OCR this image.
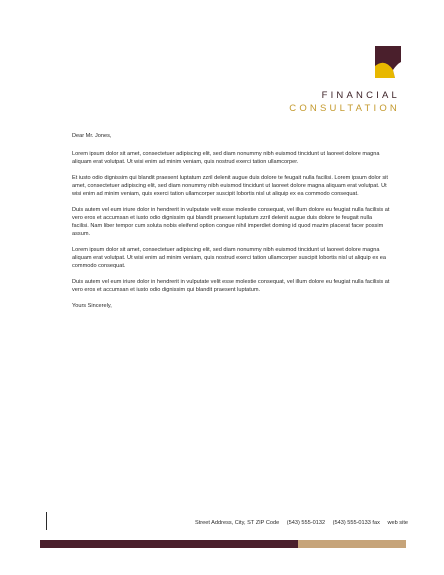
FINANCIAL
CONSULTATION

Dear Mr. Jones,

Lorem ipsum dolor sit amet, consectetuer adipiscing elit, sed diam nonummy nibh euismod tincidunt ut laoreet dolore magna aliquam erat volutpat. Ut wisi enim ad minim veniam, quis nostrud exerci tation ullamcorper.

Et iusto odio dignissim qui blandit praesent luptatum zzril delenit augue duis dolore te feugait nulla facilisi. Lorem ipsum dolor sit amet, consectetuer adipiscing elit, sed diam nonummy nibh euismod tincidunt ut laoreet dolore magna aliquam erat volutpat. Ut wisi enim ad minim veniam, quis exerci tation ullamcorper suscipit lobortis nisl ut aliquip ex ea commodo consequat.

Duis autem vel eum iriure dolor in hendrerit in vulputate velit esse molestie consequat, vel illum dolore eu feugiat nulla facilisis at vero eros et accumsan et iusto odio dignissim qui blandit praesent luptatum zzril delenit augue duis dolore te feugait nulla facilisi. Nam liber tempor cum soluta nobis eleifend option congue nihil imperdiet doming id quod mazim placerat facer possim assum.

Lorem ipsum dolor sit amet, consectetuer adipiscing elit, sed diam nonummy nibh euismod tincidunt ut laoreet dolore magna aliquam erat volutpat. Ut wisi enim ad minim veniam, quis nostrud exerci tation ullamcorper suscipit lobortis nisl ut aliquip ex ea commodo consequat.

Duis autem vel eum iriure dolor in hendrerit in vulputate velit esse molestie consequat, vel illum dolore eu feugiat nulla facilisis at vero eros et accumsan et iusto odio dignissim qui blandit praesent luptatum.

Yours Sincerely,

Street Address, City, ST ZIP Code (543) 555-0132 (543) 555-0133 fax web site
